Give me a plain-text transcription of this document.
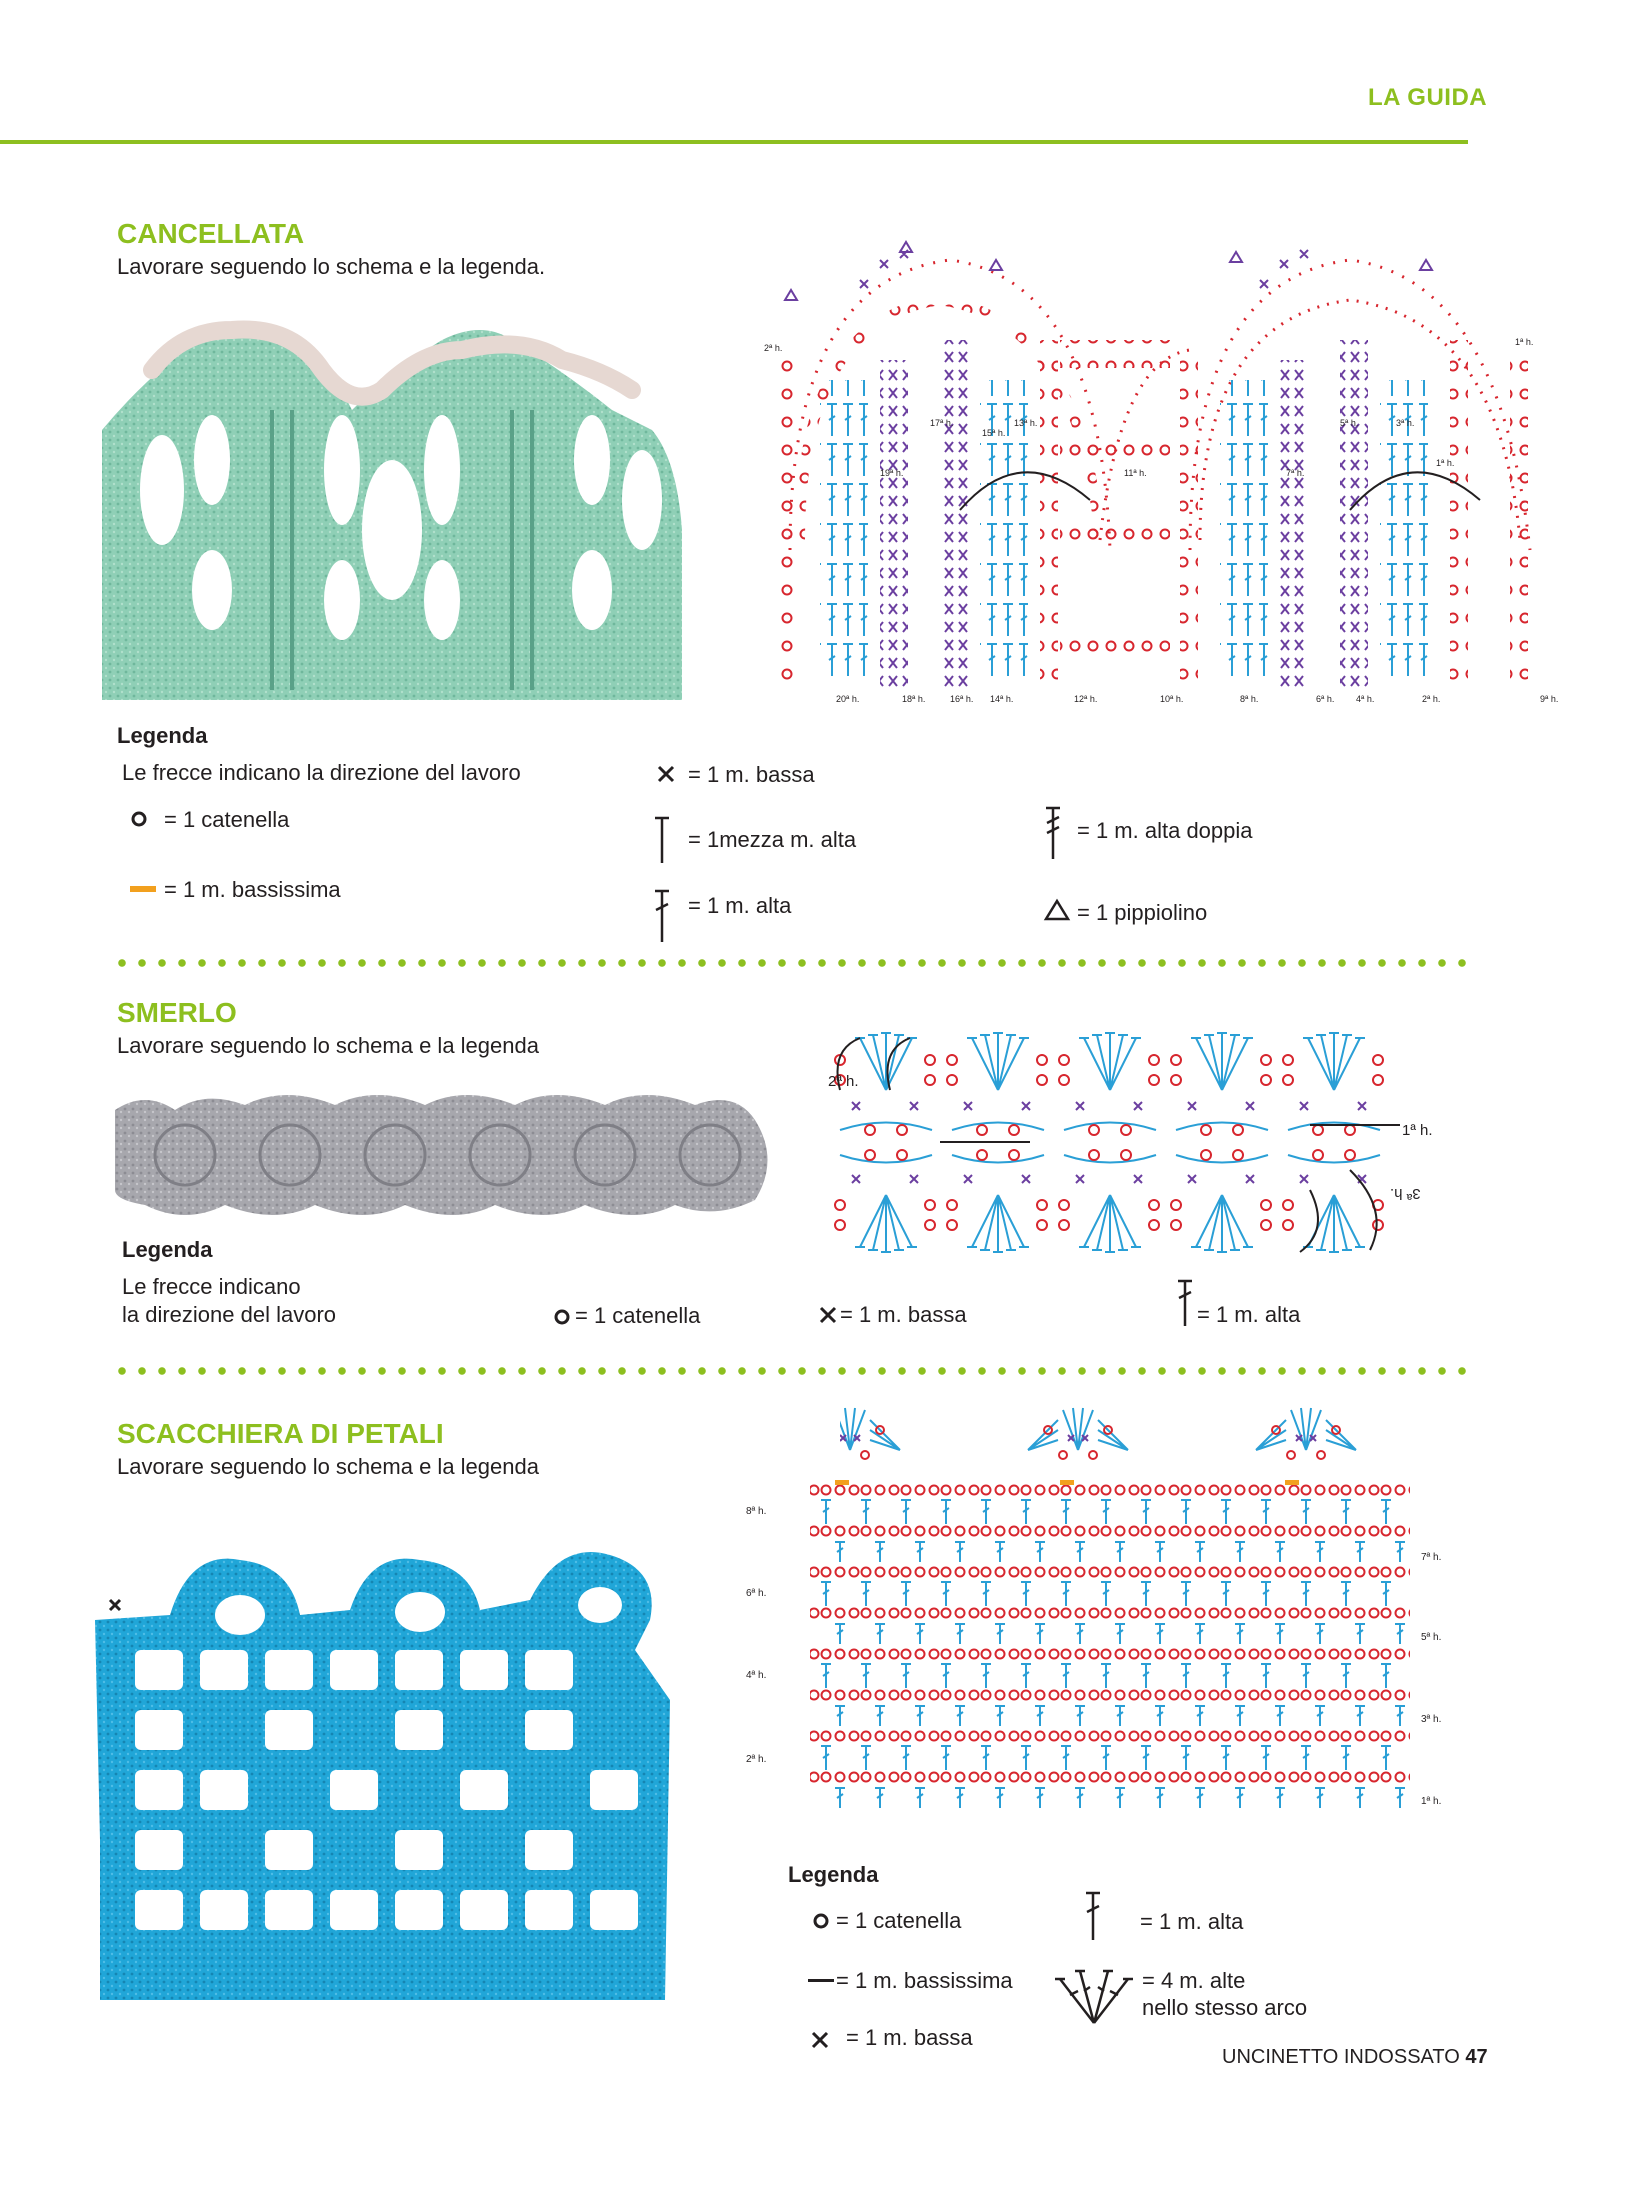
LA GUIDA
CANCELLATA
Lavorare seguendo lo schema e la legenda.
2ª h.
1ª h.
20ª h.	18ª h.	16ª h. 14ª h.	12ª h.	10ª h.	8ª h.	6ª h. 4ª h.	2ª h.	9ª h.
19ª h.
17ª h.
15ª h.
13ª h.
11ª h.	7ª h.
5ª h.	3ª h.
1ª h.
Legenda
Le frecce indicano la direzione del lavoro
= 1 catenella
= 1 m. bassissima
= 1 m. bassa
= 1mezza m. alta
= 1 m. alta
= 1 m. alta doppia
= 1 pippiolino
SMERLO
Lavorare seguendo lo schema e la legenda
2ª h.
1ª h.
3ª h.
Legenda
Le frecce indicano
la direzione del lavoro	= 1 catenella	= 1 m. bassa	= 1 m. alta
SCACCHIERA DI PETALI
Lavorare seguendo lo schema e la legenda
8ª h.
7ª h.
6ª h.
5ª h.
4ª h.
3ª h.
2ª h.
1ª h.
Legenda
= 1 catenella
= 1 m. bassissima
= 1 m. bassa
= 1 m. alta
= 4 m. alte
nello stesso arco
UNCINETTO INDOSSATO 47
